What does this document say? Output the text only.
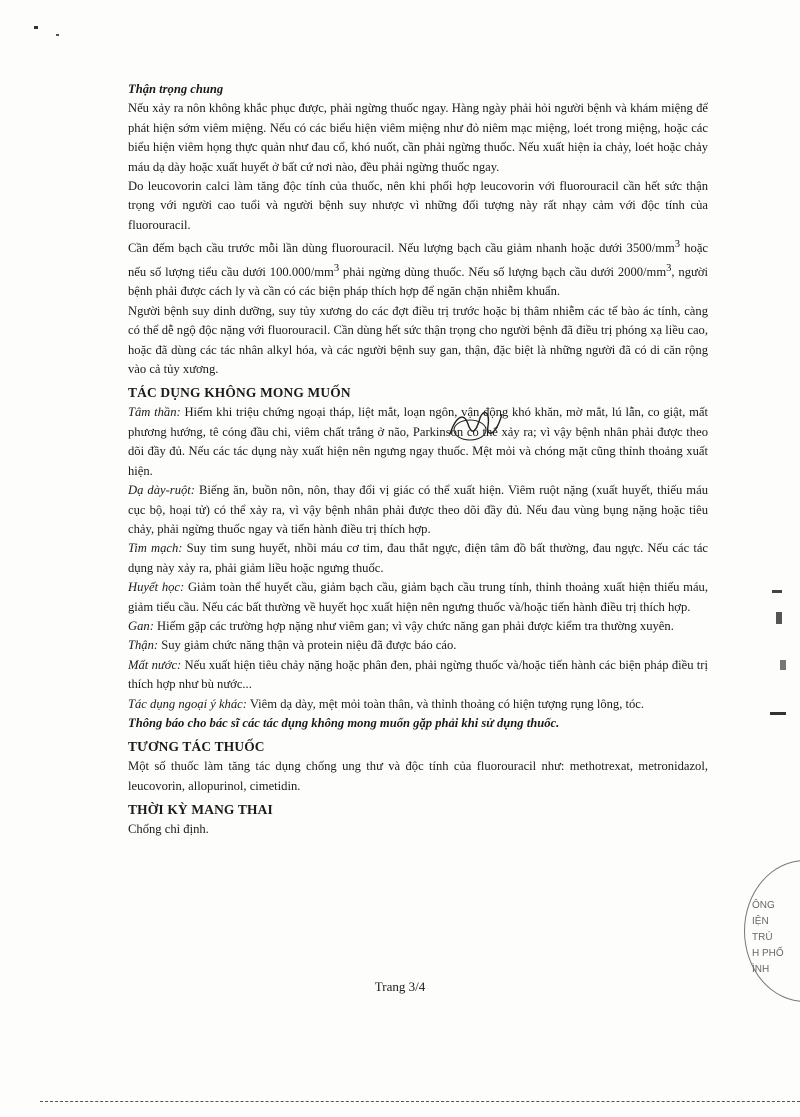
Thận trọng chung

Nếu xảy ra nôn không khắc phục được, phải ngừng thuốc ngay. Hàng ngày phải hỏi người bệnh và khám miệng để phát hiện sớm viêm miệng. Nếu có các biểu hiện viêm miệng như đỏ niêm mạc miệng, loét trong miệng, hoặc các biểu hiện viêm họng thực quản như đau cổ, khó nuốt, cần phải ngừng thuốc. Nếu xuất hiện ỉa chảy, loét hoặc chảy máu dạ dày hoặc xuất huyết ở bất cứ nơi nào, đều phải ngừng thuốc ngay.

Do leucovorin calci làm tăng độc tính của thuốc, nên khi phối hợp leucovorin với fluorouracil cần hết sức thận trọng với người cao tuổi và người bệnh suy nhược vì những đối tượng này rất nhạy cảm với độc tính của fluorouracil.

Cần đếm bạch cầu trước mỗi lần dùng fluorouracil. Nếu lượng bạch cầu giảm nhanh hoặc dưới $3500/mm^3$ hoặc nếu số lượng tiểu cầu dưới $100.000/mm^3$ phải ngừng dùng thuốc. Nếu số lượng bạch cầu dưới $2000/mm^3$, người bệnh phải được cách ly và cần có các biện pháp thích hợp để ngăn chặn nhiễm khuẩn.

Người bệnh suy dinh dưỡng, suy tủy xương do các đợt điều trị trước hoặc bị thâm nhiễm các tế bào ác tính, càng có thể dễ ngộ độc nặng với fluorouracil. Cần dùng hết sức thận trọng cho người bệnh đã điều trị phóng xạ liều cao, hoặc đã dùng các tác nhân alkyl hóa, và các người bệnh suy gan, thận, đặc biệt là những người đã có di căn rộng vào cả tủy xương.

TÁC DỤNG KHÔNG MONG MUỐN

Tâm thần: Hiếm khi triệu chứng ngoại tháp, liệt mắt, loạn ngôn, vận động khó khăn, mờ mắt, lú lẫn, co giật, mất phương hướng, tê cóng đầu chi, viêm chất trắng ở não, Parkinson có thể xảy ra; vì vậy bệnh nhân phải được theo dõi đầy đủ. Nếu các tác dụng này xuất hiện nên ngưng ngay thuốc. Mệt mỏi và chóng mặt cũng thỉnh thoảng xuất hiện.

Dạ dày-ruột: Biếng ăn, buồn nôn, nôn, thay đổi vị giác có thể xuất hiện. Viêm ruột nặng (xuất huyết, thiếu máu cục bộ, hoại tử) có thể xảy ra, vì vậy bệnh nhân phải được theo dõi đầy đủ. Nếu đau vùng bụng nặng hoặc tiêu chảy, phải ngừng thuốc ngay và tiến hành điều trị thích hợp.

Tim mạch: Suy tim sung huyết, nhồi máu cơ tim, đau thắt ngực, điện tâm đồ bất thường, đau ngực. Nếu các tác dụng này xảy ra, phải giảm liều hoặc ngưng thuốc.

Huyết học: Giảm toàn thể huyết cầu, giảm bạch cầu, giảm bạch cầu trung tính, thỉnh thoảng xuất hiện thiếu máu, giảm tiểu cầu. Nếu các bất thường về huyết học xuất hiện nên ngưng thuốc và/hoặc tiến hành điều trị thích hợp.

Gan: Hiếm gặp các trường hợp nặng như viêm gan; vì vậy chức năng gan phải được kiểm tra thường xuyên.

Thận: Suy giảm chức năng thận và protein niệu đã được báo cáo.

Mất nước: Nếu xuất hiện tiêu chảy nặng hoặc phân đen, phải ngừng thuốc và/hoặc tiến hành các biện pháp điều trị thích hợp như bù nước...

Tác dụng ngoại ý khác: Viêm dạ dày, mệt mỏi toàn thân, và thỉnh thoảng có hiện tượng rụng lông, tóc.

Thông báo cho bác sĩ các tác dụng không mong muốn gặp phải khi sử dụng thuốc.

TƯƠNG TÁC THUỐC

Một số thuốc làm tăng tác dụng chống ung thư và độc tính của fluorouracil như: methotrexat, metronidazol, leucovorin, allopurinol, cimetidin.

THỜI KỲ MANG THAI

Chống chỉ định.

ÔNG
IỆN
TRÚ
H PHỐ
ÌNH
Trang 3/4
